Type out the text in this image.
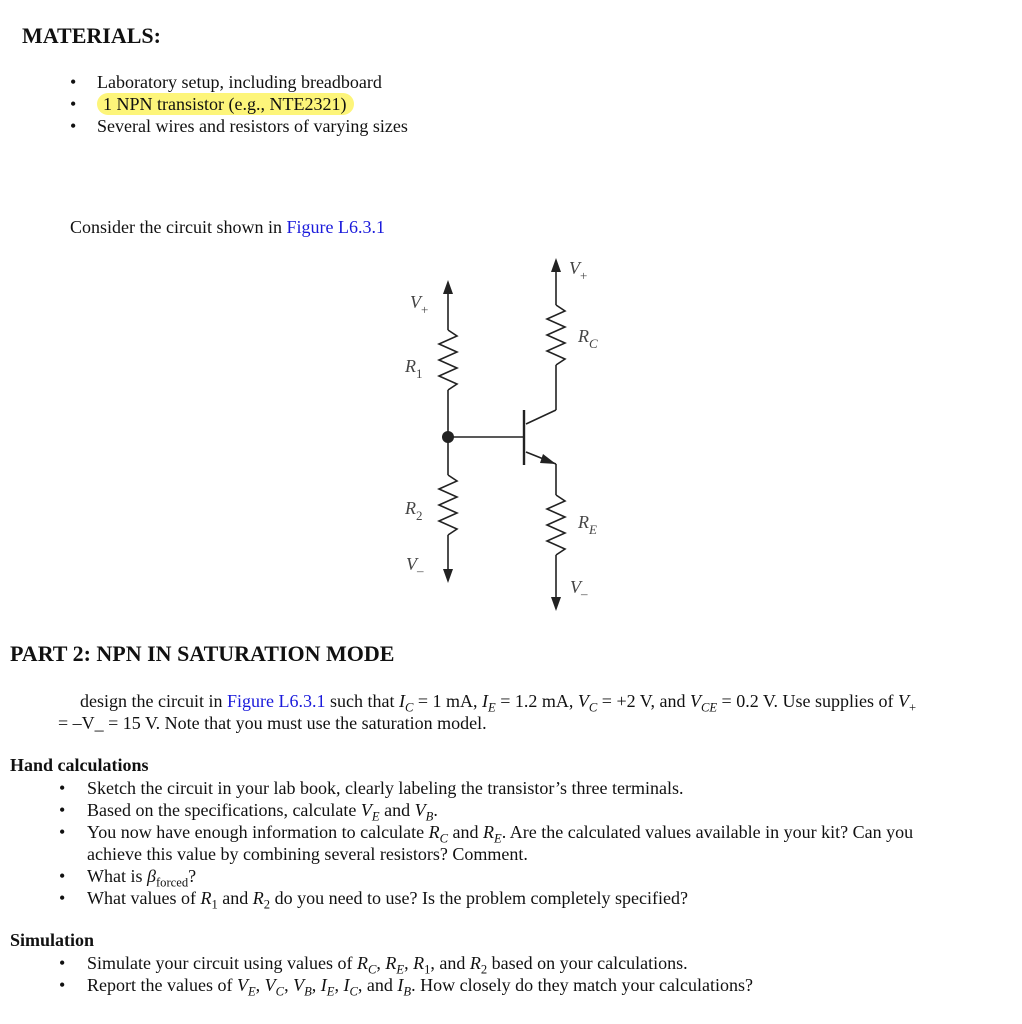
MATERIALS:
• Laboratory setup, including breadboard
• 1 NPN transistor (e.g., NTE2321)
• Several wires and resistors of varying sizes
Consider the circuit shown in Figure L6.3.1
$V_+$
$R_1$
$R_2$
$V_-$
$V_+$
$R_C$
$R_E$
$V_-$
PART 2: NPN IN SATURATION MODE
design the circuit in Figure L6.3.1 such that $I_C = 1$ mA, $I_E = 1.2$ mA, $V_C = +2$ V, and $V_{CE} = 0.2$ V. Use supplies of $V_+$
= –V_ = 15 V. Note that you must use the saturation model.
Hand calculations
• Sketch the circuit in your lab book, clearly labeling the transistor’s three terminals.
• Based on the specifications, calculate $V_E$ and $V_B$.
• You now have enough information to calculate $R_C$ and $R_E$. Are the calculated values available in your kit? Can you
achieve this value by combining several resistors? Comment.
• What is $\beta_{forced}$?
• What values of $R_1$ and $R_2$ do you need to use? Is the problem completely specified?
Simulation
• Simulate your circuit using values of $R_C$, $R_E$, $R_1$, and $R_2$ based on your calculations.
• Report the values of $V_E$, $V_C$, $V_B$, $I_E$, $I_C$, and $I_B$. How closely do they match your calculations?
